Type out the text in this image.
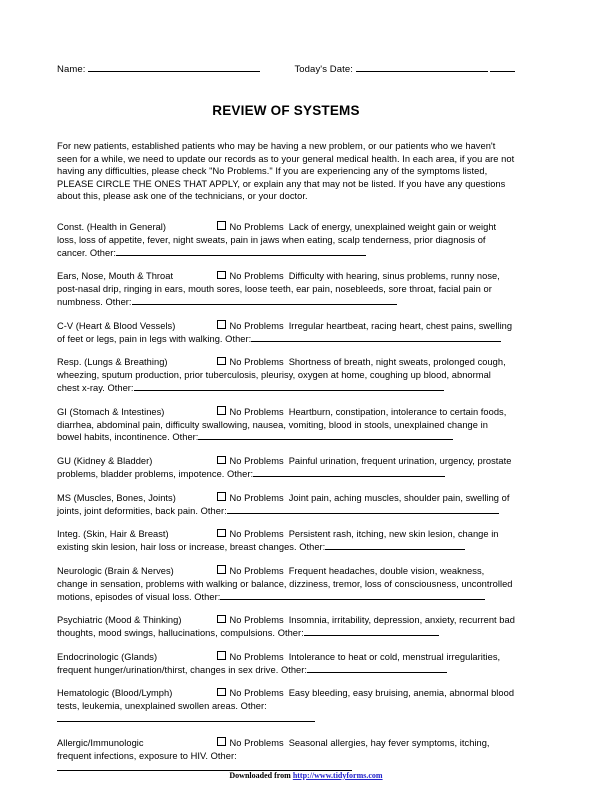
Name:	Today's Date:
REVIEW OF SYSTEMS
For new patients, established patients who may be having a new problem, or our patients who we haven't seen for a while, we need to update our records as to your general medical health. In each area, if you are not having any difficulties, please check "No Problems." If you are experiencing any of the symptoms listed, PLEASE CIRCLE THE ONES THAT APPLY, or explain any that may not be listed. If you have any questions about this, please ask one of the technicians, or your doctor.
Const. (Health in General)	No Problems Lack of energy, unexplained weight gain or weight loss, loss of appetite, fever, night sweats, pain in jaws when eating, scalp tenderness, prior diagnosis of cancer. Other:
Ears, Nose, Mouth & Throat	No Problems Difficulty with hearing, sinus problems, runny nose, post-nasal drip, ringing in ears, mouth sores, loose teeth, ear pain, nosebleeds, sore throat, facial pain or numbness. Other:
C-V (Heart & Blood Vessels)	No Problems Irregular heartbeat, racing heart, chest pains, swelling of feet or legs, pain in legs with walking. Other:
Resp. (Lungs & Breathing)	No Problems Shortness of breath, night sweats, prolonged cough, wheezing, sputum production, prior tuberculosis, pleurisy, oxygen at home, coughing up blood, abnormal chest x-ray. Other:
GI (Stomach & Intestines)	No Problems Heartburn, constipation, intolerance to certain foods, diarrhea, abdominal pain, difficulty swallowing, nausea, vomiting, blood in stools, unexplained change in bowel habits, incontinence. Other:
GU (Kidney & Bladder)	No Problems Painful urination, frequent urination, urgency, prostate problems, bladder problems, impotence. Other:
MS (Muscles, Bones, Joints)	No Problems Joint pain, aching muscles, shoulder pain, swelling of joints, joint deformities, back pain. Other:
Integ. (Skin, Hair & Breast)	No Problems Persistent rash, itching, new skin lesion, change in existing skin lesion, hair loss or increase, breast changes. Other:
Neurologic (Brain & Nerves)	No Problems Frequent headaches, double vision, weakness, change in sensation, problems with walking or balance, dizziness, tremor, loss of consciousness, uncontrolled motions, episodes of visual loss. Other:
Psychiatric (Mood & Thinking)	No Problems Insomnia, irritability, depression, anxiety, recurrent bad thoughts, mood swings, hallucinations, compulsions. Other:
Endocrinologic (Glands)	No Problems Intolerance to heat or cold, menstrual irregularities, frequent hunger/urination/thirst, changes in sex drive. Other:
Hematologic (Blood/Lymph)	No Problems Easy bleeding, easy bruising, anemia, abnormal blood tests, leukemia, unexplained swollen areas. Other:
Allergic/Immunologic	No Problems Seasonal allergies, hay fever symptoms, itching, frequent infections, exposure to HIV. Other:
Downloaded from http://www.tidyforms.com
